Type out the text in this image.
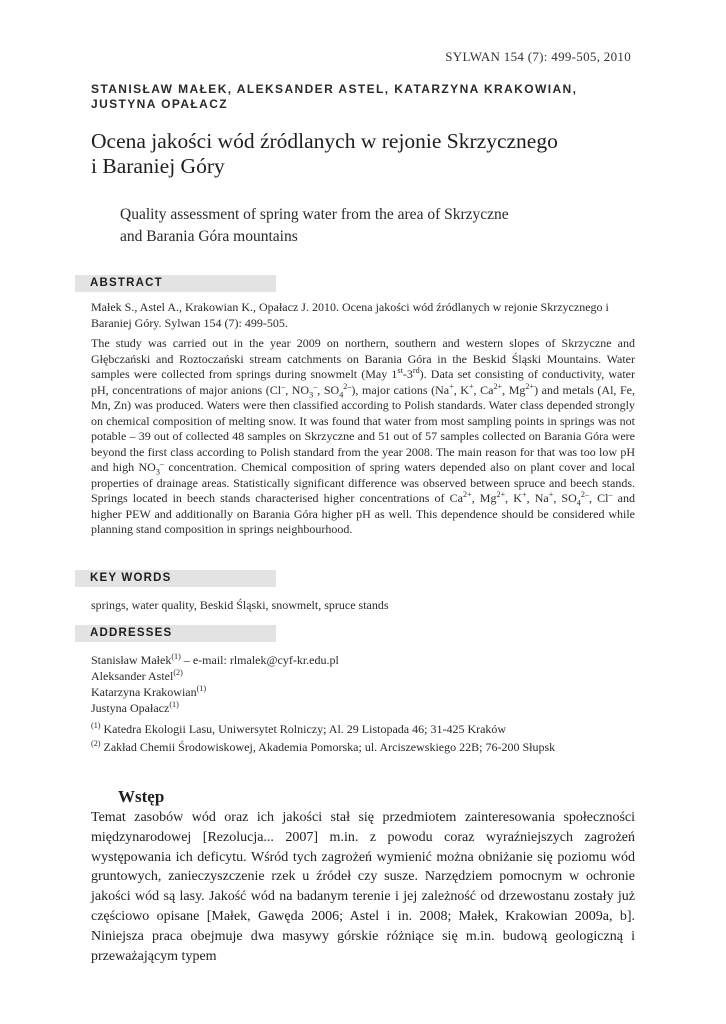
SYLWAN 154 (7): 499-505, 2010
STANISŁAW MAŁEK, ALEKSANDER ASTEL, KATARZYNA KRAKOWIAN,
JUSTYNA OPAŁACZ
Ocena jakości wód źródlanych w rejonie Skrzycznego
i Baraniej Góry
Quality assessment of spring water from the area of Skrzyczne
and Barania Góra mountains
ABSTRACT

Małek S., Astel A., Krakowian K., Opałacz J. 2010. Ocena jakości wód źródlanych w rejonie Skrzycznego i Baraniej Góry. Sylwan 154 (7): 499-505.

The study was carried out in the year 2009 on northern, southern and western slopes of Skrzyczne and Głębczański and Roztoczański stream catchments on Barania Góra in the Beskid Śląski Mountains. Water samples were collected from springs during snowmelt (May 1st-3rd). Data set consisting of conductivity, water pH, concentrations of major anions (Cl–, $NO_3^-$, $SO_4^{2-}$), major cations (Na+, K+, $Ca^{2+}$, $Mg^{2+}$) and metals (Al, Fe, Mn, Zn) was produced. Waters were then classified according to Polish standards. Water class depended strongly on chemical composition of melting snow. It was found that water from most sampling points in springs was not potable – 39 out of collected 48 samples on Skrzyczne and 51 out of 57 samples collected on Barania Góra were beyond the first class according to Polish standard from the year 2008. The main reason for that was too low pH and high $NO_3^-$ concentration. Chemical composition of spring waters depended also on plant cover and local properties of drainage areas. Statistically significant difference was observed between spruce and beech stands. Springs located in beech stands characterised higher concentrations of $Ca^{2+}$, $Mg^{2+}$, K+, Na+, $SO_4^{2-}$, Cl– and higher PEW and additionally on Barania Góra higher pH as well. This dependence should be considered while planning stand composition in springs neighbourhood.

KEY WORDS
springs, water quality, Beskid Śląski, snowmelt, spruce stands
ADDRESSES
Stanisław Małek$^{(1)}$ – e-mail: rlmalek@cyf-kr.edu.pl
Aleksander Astel$^{(2)}$
Katarzyna Krakowian$^{(1)}$
Justyna Opałacz$^{(1)}$
$^{(1)}$ Katedra Ekologii Lasu, Uniwersytet Rolniczy; Al. 29 Listopada 46; 31-425 Kraków
$^{(2)}$ Zakład Chemii Środowiskowej, Akademia Pomorska; ul. Arciszewskiego 22B; 76-200 Słupsk
Wstęp
Temat zasobów wód oraz ich jakości stał się przedmiotem zainteresowania społeczności międzynarodowej [Rezolucja... 2007] m.in. z powodu coraz wyraźniejszych zagrożeń występowania ich deficytu. Wśród tych zagrożeń wymienić można obniżanie się poziomu wód gruntowych, zanieczyszczenie rzek u źródeł czy susze. Narzędziem pomocnym w ochronie jakości wód są lasy. Jakość wód na badanym terenie i jej zależność od drzewostanu zostały już częściowo opisane [Małek, Gawęda 2006; Astel i in. 2008; Małek, Krakowian 2009a, b]. Niniejsza praca obejmuje dwa masywy górskie różniące się m.in. budową geologiczną i przeważającym typem
